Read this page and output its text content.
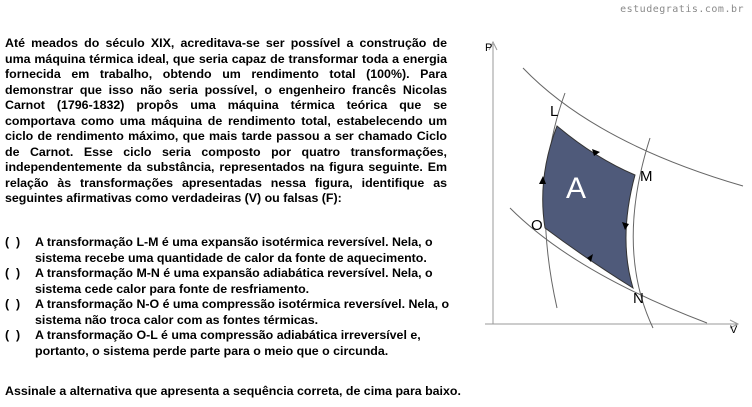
estudegratis.com.br

Até meados do século XIX, acreditava-se ser possível a construção de uma máquina térmica ideal, que seria capaz de transformar toda a energia fornecida em trabalho, obtendo um rendimento total (100%). Para demonstrar que isso não seria possível, o engenheiro francês Nicolas Carnot (1796-1832) propôs uma máquina térmica teórica que se comportava como uma máquina de rendimento total, estabelecendo um ciclo de rendimento máximo, que mais tarde passou a ser chamado Ciclo de Carnot. Esse ciclo seria composto por quatro transformações, independentemente da substância, representados na figura seguinte. Em relação às transformações apresentadas nessa figura, identifique as seguintes afirmativas como verdadeiras (V) ou falsas (F):

(  )	A transformação L-M é uma expansão isotérmica reversível. Nela, o sistema recebe uma quantidade de calor da fonte de aquecimento.
(  )	A transformação M-N é uma expansão adiabática reversível. Nela, o sistema cede calor para fonte de resfriamento.
(  )	A transformação N-O é uma compressão isotérmica reversível. Nela, o sistema não troca calor com as fontes térmicas.
(  )	A transformação O-L é uma compressão adiabática irreversível e, portanto, o sistema perde parte para o meio que o circunda.

Assinale a alternativa que apresenta a sequência correta, de cima para baixo.

P
V
A
L
M
N
O
